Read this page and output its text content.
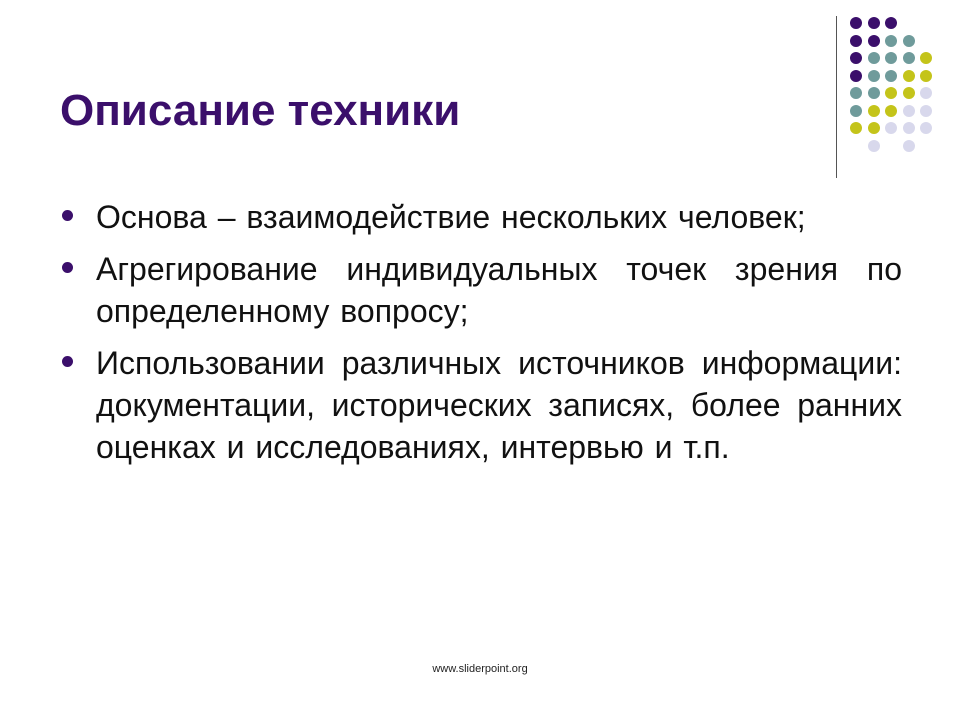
Описание техники
Основа – взаимодействие нескольких человек;
Агрегирование индивидуальных точек зрения по определенному вопросу;
Использовании различных источников информации: документации, исторических записях, более ранних оценках и исследованиях, интервью и т.п.
www.sliderpoint.org
